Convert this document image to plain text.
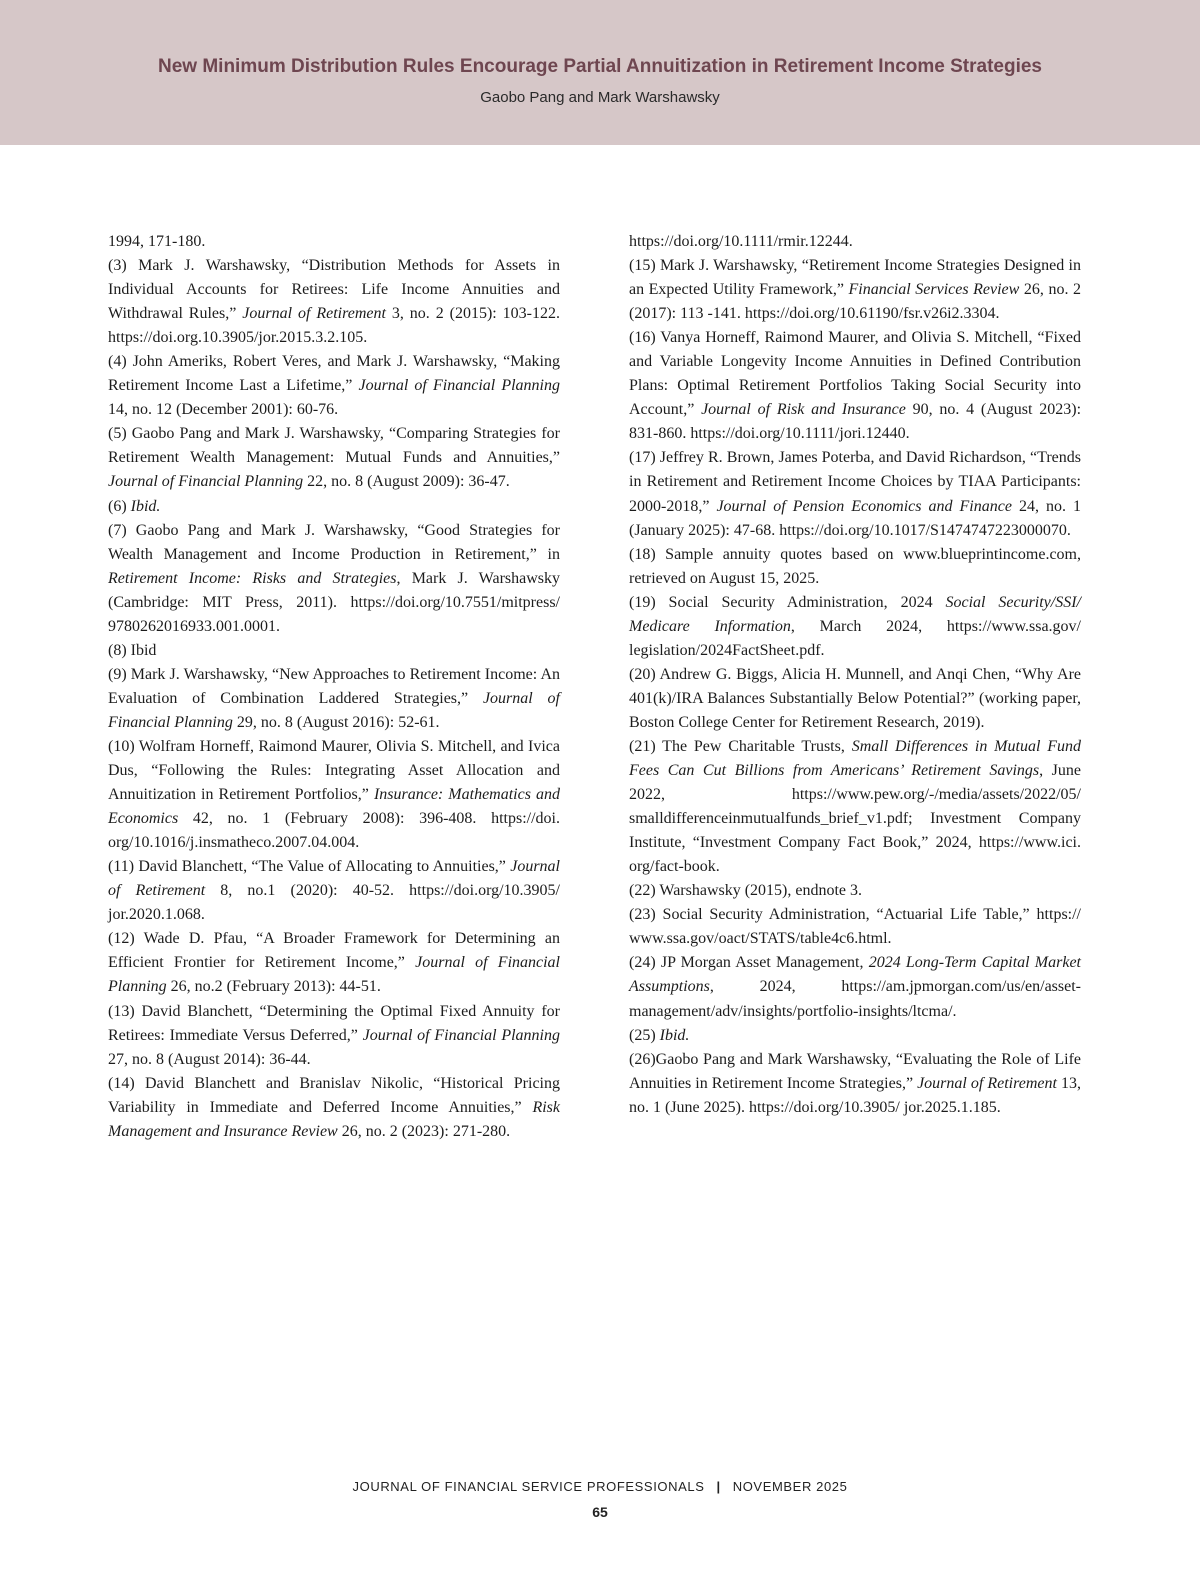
New Minimum Distribution Rules Encourage Partial Annuitization in Retirement Income Strategies
Gaobo Pang and Mark Warshawsky

1994, 171-180.

(3) Mark J. Warshawsky, “Distribution Methods for Assets in Individual Accounts for Retirees: Life Income Annuities and Withdrawal Rules,” Journal of Retirement 3, no. 2 (2015): 103-122. https://doi.org.10.3905/jor.2015.3.2.105.

(4) John Ameriks, Robert Veres, and Mark J. Warshawsky, “Making Retirement Income Last a Lifetime,” Journal of Financial Planning 14, no. 12 (December 2001): 60-76.

(5) Gaobo Pang and Mark J. Warshawsky, “Comparing Strategies for Retirement Wealth Management: Mutual Funds and Annuities,” Journal of Financial Planning 22, no. 8 (August 2009): 36-47.

(6) Ibid.

(7) Gaobo Pang and Mark J. Warshawsky, “Good Strategies for Wealth Management and Income Production in Retirement,” in Retirement Income: Risks and Strategies, Mark J. Warshawsky (Cambridge: MIT Press, 2011). https://doi.org/10.7551/mitpress/ 9780262016933.001.0001.

(8) Ibid

(9) Mark J. Warshawsky, “New Approaches to Retirement Income: An Evaluation of Combination Laddered Strategies,” Journal of Financial Planning 29, no. 8 (August 2016): 52-61.

(10) Wolfram Horneff, Raimond Maurer, Olivia S. Mitchell, and Ivica Dus, “Following the Rules: Integrating Asset Allocation and Annuitization in Retirement Portfolios,” Insurance: Mathematics and Economics 42, no. 1 (February 2008): 396-408. https://doi. org/10.1016/j.insmatheco.2007.04.004.

(11) David Blanchett, “The Value of Allocating to Annuities,” Journal of Retirement 8, no.1 (2020): 40-52. https://doi.org/10.3905/ jor.2020.1.068.

(12) Wade D. Pfau, “A Broader Framework for Determining an Efficient Frontier for Retirement Income,” Journal of Financial Planning 26, no.2 (February 2013): 44-51.

(13) David Blanchett, “Determining the Optimal Fixed Annuity for Retirees: Immediate Versus Deferred,” Journal of Financial Planning 27, no. 8 (August 2014): 36-44.

(14) David Blanchett and Branislav Nikolic, “Historical Pricing Variability in Immediate and Deferred Income Annuities,” Risk Management and Insurance Review 26, no. 2 (2023): 271-280.

https://doi.org/10.1111/rmir.12244.

(15) Mark J. Warshawsky, “Retirement Income Strategies Designed in an Expected Utility Framework,” Financial Services Review 26, no. 2 (2017): 113 -141. https://doi.org/10.61190/fsr.v26i2.3304.

(16) Vanya Horneff, Raimond Maurer, and Olivia S. Mitchell, “Fixed and Variable Longevity Income Annuities in Defined Contribution Plans: Optimal Retirement Portfolios Taking Social Security into Account,” Journal of Risk and Insurance 90, no. 4 (August 2023): 831-860. https://doi.org/10.1111/jori.12440.

(17) Jeffrey R. Brown, James Poterba, and David Richardson, “Trends in Retirement and Retirement Income Choices by TIAA Participants: 2000-2018,” Journal of Pension Economics and Finance 24, no. 1 (January 2025): 47-68. https://doi.org/10.1017/S1474747223000070.

(18) Sample annuity quotes based on www.blueprintincome.com, retrieved on August 15, 2025.

(19) Social Security Administration, 2024 Social Security/SSI/ Medicare Information, March 2024, https://www.ssa.gov/ legislation/2024FactSheet.pdf.

(20) Andrew G. Biggs, Alicia H. Munnell, and Anqi Chen, “Why Are 401(k)/IRA Balances Substantially Below Potential?” (working paper, Boston College Center for Retirement Research, 2019).

(21) The Pew Charitable Trusts, Small Differences in Mutual Fund Fees Can Cut Billions from Americans’ Retirement Savings, June 2022, https://www.pew.org/-/media/assets/2022/05/ smalldifferenceinmutualfunds_brief_v1.pdf; Investment Company Institute, “Investment Company Fact Book,” 2024, https://www.ici. org/fact-book.

(22) Warshawsky (2015), endnote 3.

(23) Social Security Administration, “Actuarial Life Table,” https:// www.ssa.gov/oact/STATS/table4c6.html.

(24) JP Morgan Asset Management, 2024 Long-Term Capital Market Assumptions, 2024, https://am.jpmorgan.com/us/en/asset-management/adv/insights/portfolio-insights/ltcma/.

(25) Ibid.

(26)Gaobo Pang and Mark Warshawsky, “Evaluating the Role of Life Annuities in Retirement Income Strategies,” Journal of Retirement 13, no. 1 (June 2025). https://doi.org/10.3905/ jor.2025.1.185.

JOURNAL OF FINANCIAL SERVICE PROFESSIONALS | NOVEMBER 2025
65
